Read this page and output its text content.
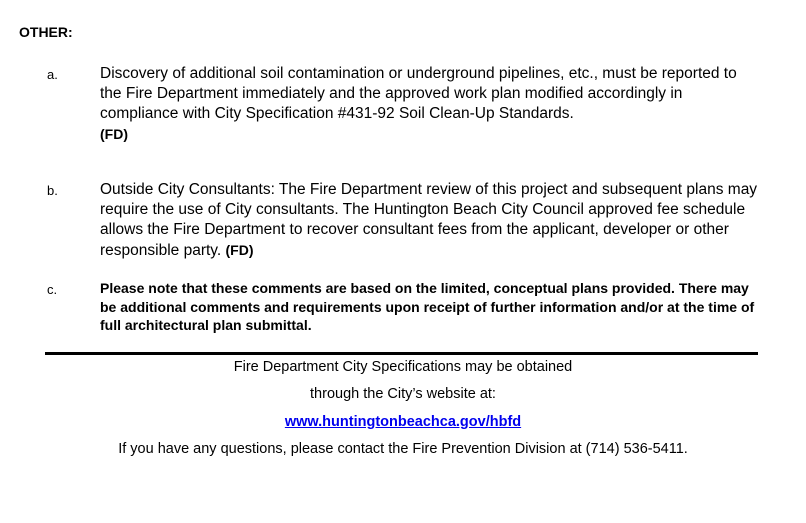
OTHER:
a.	Discovery of additional soil contamination or underground pipelines, etc., must be reported to the Fire Department immediately and the approved work plan modified accordingly in compliance with City Specification #431-92 Soil Clean-Up Standards.
(FD)
b.	Outside City Consultants: The Fire Department review of this project and subsequent plans may require the use of City consultants. The Huntington Beach City Council approved fee schedule allows the Fire Department to recover consultant fees from the applicant, developer or other responsible party. (FD)
c.	Please note that these comments are based on the limited, conceptual plans provided. There may be additional comments and requirements upon receipt of further information and/or at the time of full architectural plan submittal.
Fire Department City Specifications may be obtained
through the City’s website at:
www.huntingtonbeachca.gov/hbfd
If you have any questions, please contact the Fire Prevention Division at (714) 536-5411.
